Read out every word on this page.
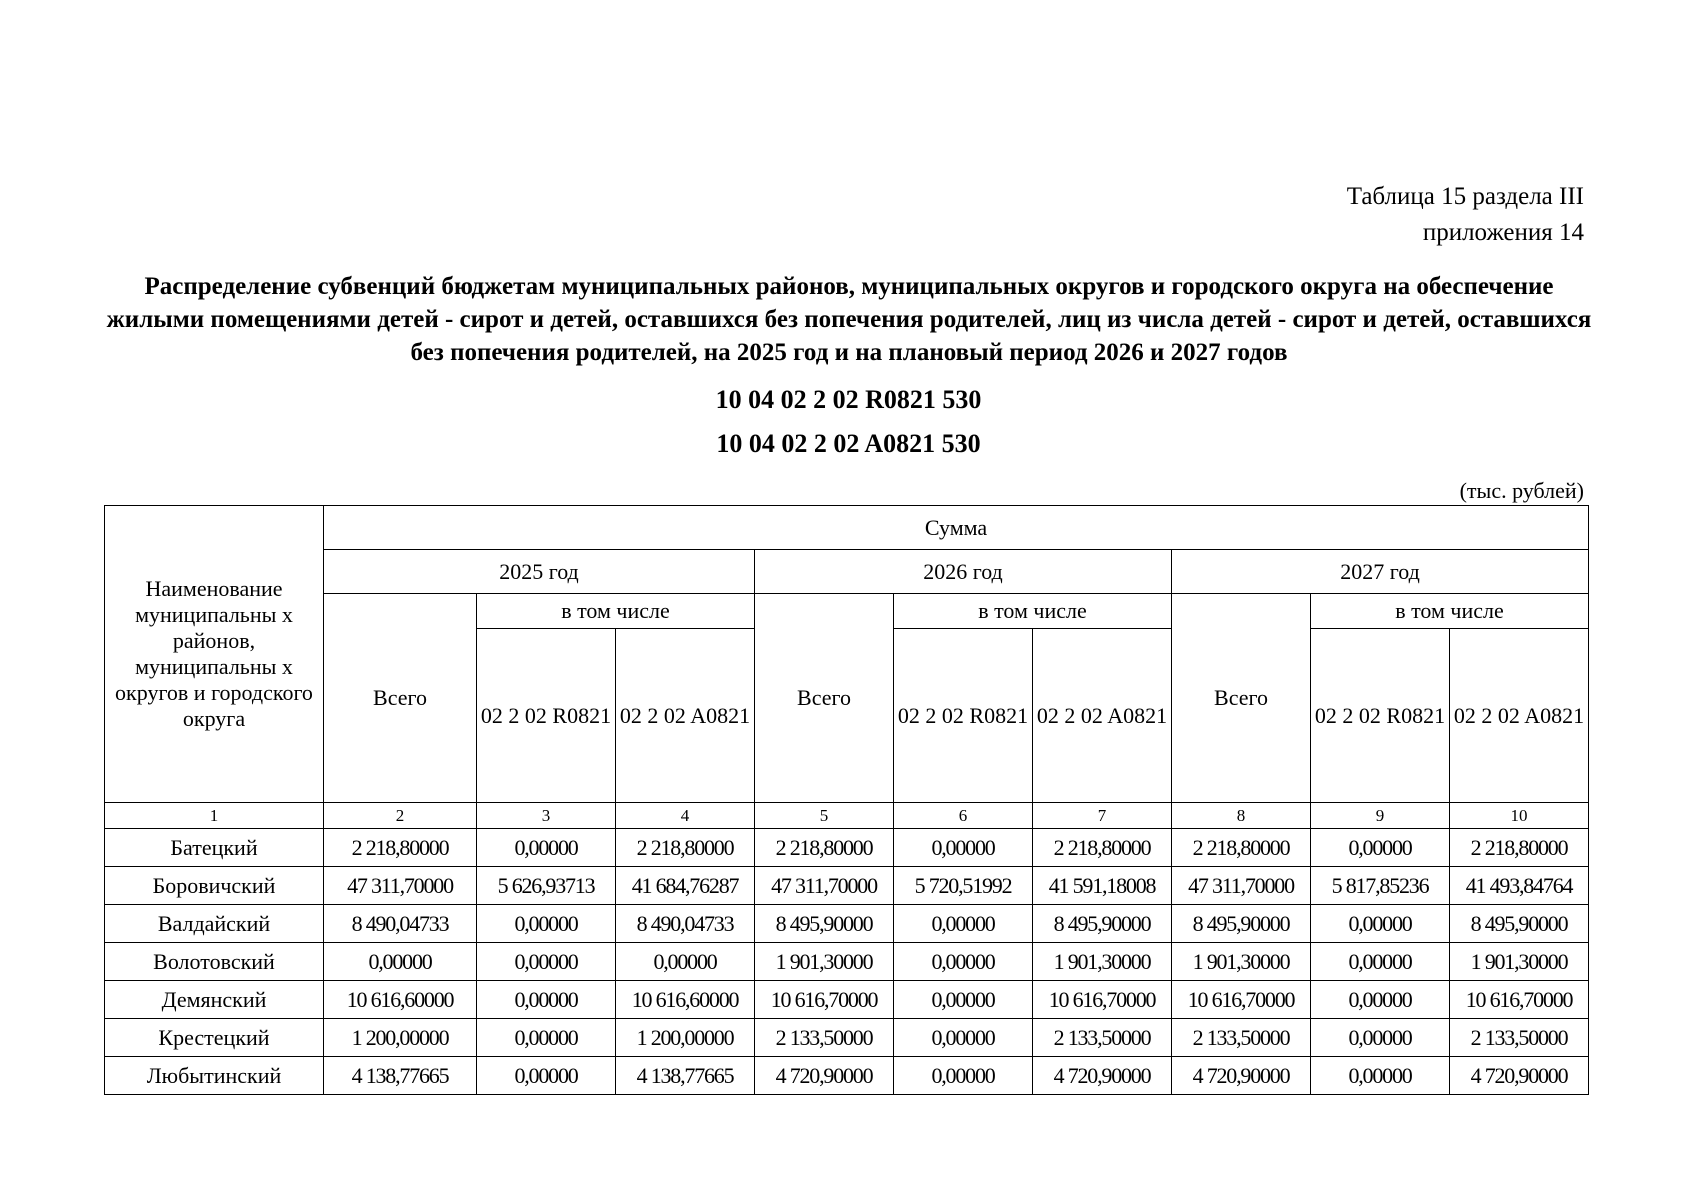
Таблица 15 раздела III
приложения 14
Распределение субвенций бюджетам муниципальных районов, муниципальных округов и городского округа на обеспечение жилыми помещениями детей - сирот и детей, оставшихся без попечения родителей, лиц из числа детей - сирот и детей, оставшихся без попечения родителей, на 2025 год и на плановый период 2026 и 2027 годов
10 04 02 2 02 R0821 530
10 04 02 2 02 A0821 530
(тыс. рублей)
Наименование муниципальны х районов, муниципальны х округов и городского округа	Сумма								
	2025 год			2026 год			2027 год		
	Всего	в том числе		Всего	в том числе		Всего	в том числе	
		02 2 02 R0821	02 2 02 A0821		02 2 02 R0821	02 2 02 A0821		02 2 02 R0821	02 2 02 A0821
1	2	3	4	5	6	7	8	9	10
Батецкий	2 218,80000	0,00000	2 218,80000	2 218,80000	0,00000	2 218,80000	2 218,80000	0,00000	2 218,80000
Боровичский	47 311,70000	5 626,93713	41 684,76287	47 311,70000	5 720,51992	41 591,18008	47 311,70000	5 817,85236	41 493,84764
Валдайский	8 490,04733	0,00000	8 490,04733	8 495,90000	0,00000	8 495,90000	8 495,90000	0,00000	8 495,90000
Волотовский	0,00000	0,00000	0,00000	1 901,30000	0,00000	1 901,30000	1 901,30000	0,00000	1 901,30000
Демянский	10 616,60000	0,00000	10 616,60000	10 616,70000	0,00000	10 616,70000	10 616,70000	0,00000	10 616,70000
Крестецкий	1 200,00000	0,00000	1 200,00000	2 133,50000	0,00000	2 133,50000	2 133,50000	0,00000	2 133,50000
Любытинский	4 138,77665	0,00000	4 138,77665	4 720,90000	0,00000	4 720,90000	4 720,90000	0,00000	4 720,90000
